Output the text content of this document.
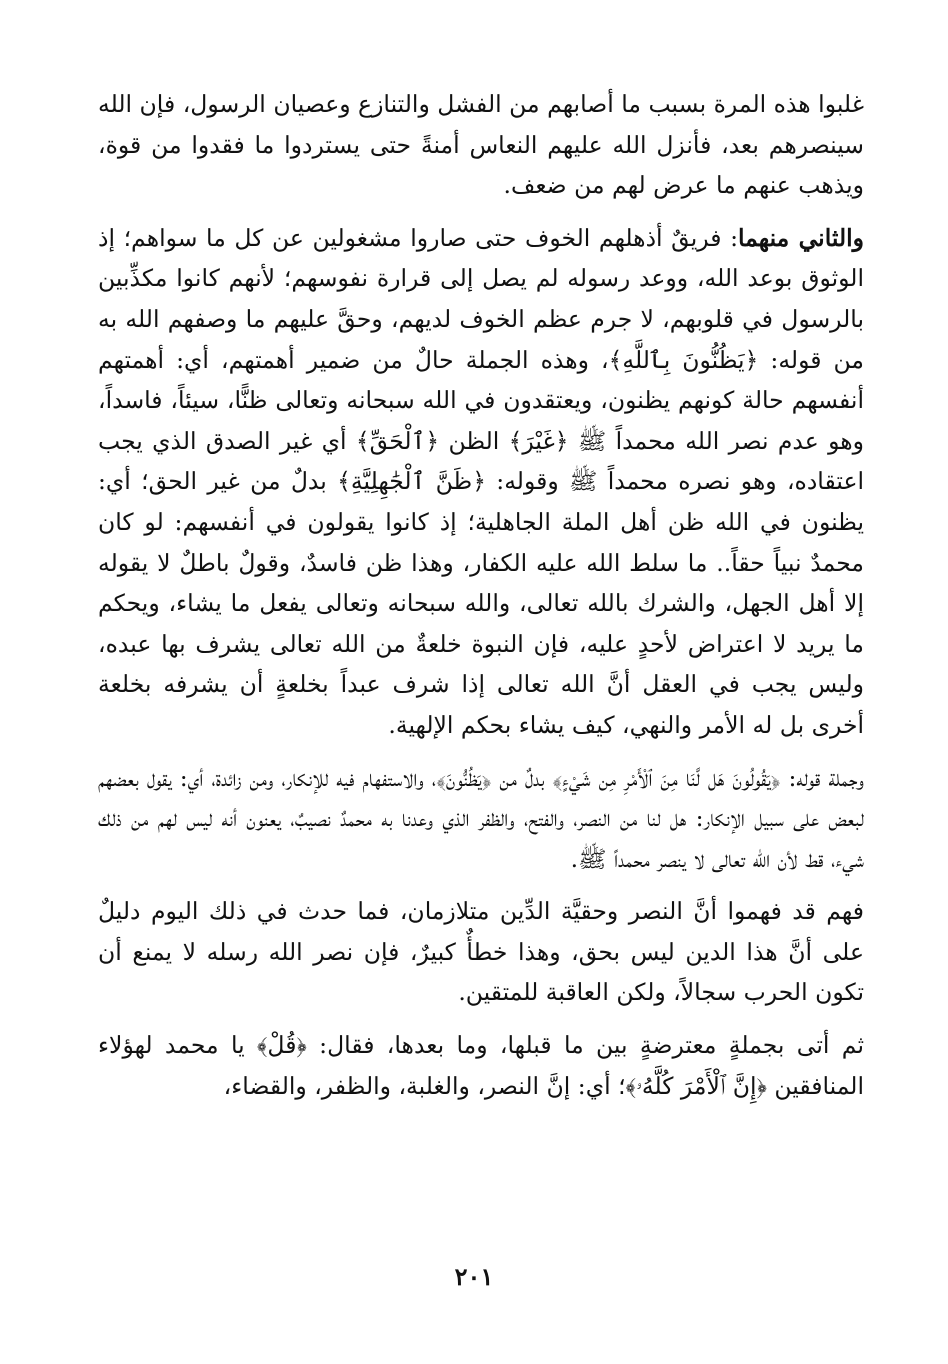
غلبوا هذه المرة بسبب ما أصابهم من الفشل والتنازع وعصيان الرسول، فإن الله سينصرهم بعد، فأنزل الله عليهم النعاس أمنةً حتى يستردوا ما فقدوا من قوة، ويذهب عنهم ما عرض لهم من ضعف.

والثاني منهما: فريقٌ أذهلهم الخوف حتى صاروا مشغولين عن كل ما سواهم؛ إذ الوثوق بوعد الله، ووعد رسوله لم يصل إلى قرارة نفوسهم؛ لأنهم كانوا مكذِّبين بالرسول في قلوبهم، لا جرم عظم الخوف لديهم، وحقَّ عليهم ما وصفهم الله به من قوله: ﴿يَظُنُّونَ بِٱللَّهِ﴾، وهذه الجملة حالٌ من ضمير أهمتهم، أي: أهمتهم أنفسهم حالة كونهم يظنون، ويعتقدون في الله سبحانه وتعالى ظنًّا، سيئاً، فاسداً، وهو عدم نصر الله محمداً ﷺ ﴿غَيْرَ﴾ الظن ﴿ٱلْحَقِّ﴾ أي غير الصدق الذي يجب اعتقاده، وهو نصره محمداً ﷺ وقوله: ﴿ظَنَّ ٱلْجَٰهِلِيَّةِ﴾ بدلٌ من غير الحق؛ أي: يظنون في الله ظن أهل الملة الجاهلية؛ إذ كانوا يقولون في أنفسهم: لو كان محمدٌ نبياً حقاً.. ما سلط الله عليه الكفار، وهذا ظن فاسدٌ، وقولٌ باطلٌ لا يقوله إلا أهل الجهل، والشرك بالله تعالى، والله سبحانه وتعالى يفعل ما يشاء، ويحكم ما يريد لا اعتراض لأحدٍ عليه، فإن النبوة خلعةٌ من الله تعالى يشرف بها عبده، وليس يجب في العقل أنَّ الله تعالى إذا شرف عبداً بخلعةٍ أن يشرفه بخلعة أخرى بل له الأمر والنهي، كيف يشاء بحكم الإلهية.

وجملة قوله: ﴿يَقُولُونَ هَل لَّنَا مِنَ ٱلْأَمْرِ مِن شَيْءٍ﴾ بدلٌ من ﴿يَظُنُّونَ﴾، والاستفهام فيه للإنكار، ومن زائدة، أي: يقول بعضهم لبعض على سبيل الإنكار: هل لنا من النصر، والفتح، والظفر الذي وعدنا به محمدٌ نصيبٌ، يعنون أنه ليس لهم من ذلك شيء، قط لأن الله تعالى لا ينصر محمداً ﷺ.

فهم قد فهموا أنَّ النصر وحقيَّة الدِّين متلازمان، فما حدث في ذلك اليوم دليلٌ على أنَّ هذا الدين ليس بحق، وهذا خطأٌ كبيرٌ، فإن نصر الله رسله لا يمنع أن تكون الحرب سجالاً، ولكن العاقبة للمتقين.

ثم أتى بجملةٍ معترضةٍ بين ما قبلها، وما بعدها، فقال: ﴿قُلْ﴾ يا محمد لهؤلاء المنافقين ﴿إِنَّ ٱلْأَمْرَ كُلَّهُۥ﴾؛ أي: إنَّ النصر، والغلبة، والظفر، والقضاء،

٢٠١
